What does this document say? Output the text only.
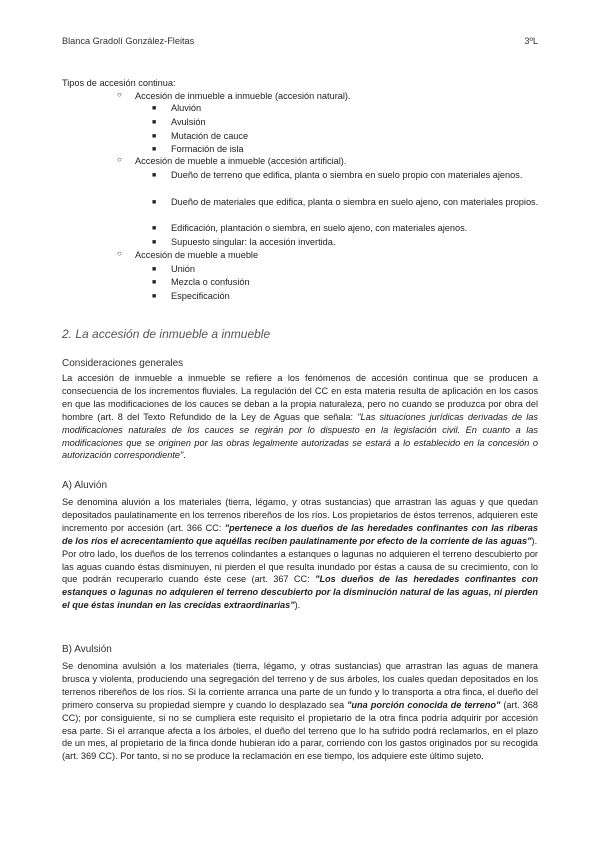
Blanca Gradolí González-Fleitas	3ºL
Tipos de accesión continua:
○ Accesión de inmueble a inmueble (accesión natural).
■ Aluvión
■ Avulsión
■ Mutación de cauce
■ Formación de isla
○ Accesión de mueble a inmueble (accesión artificial).
■ Dueño de terreno que edifica, planta o siembra en suelo propio con materiales ajenos.
■ Dueño de materiales que edifica, planta o siembra en suelo ajeno, con materiales propios.
■ Edificación, plantación o siembra, en suelo ajeno, con materiales ajenos.
■ Supuesto singular: la accesión invertida.
○ Accesión de mueble a mueble
■ Unión
■ Mezcla o confusión
■ Especificación
2. La accesión de inmueble a inmueble
Consideraciones generales

La accesión de inmueble a inmueble se refiere a los fenómenos de accesión continua que se producen a consecuencia de los incrementos fluviales. La regulación del CC en esta materia resulta de aplicación en los casos en que las modificaciones de los cauces se deban a la propia naturaleza, pero no cuando se produzca por obra del hombre (art. 8 del Texto Refundido de la Ley de Aguas que señala: "Las situaciones jurídicas derivadas de las modificaciones naturales de los cauces se regirán por lo dispuesto en la legislación civil. En cuanto a las modificaciones que se originen por las obras legalmente autorizadas se estará a lo establecido en la concesión o autorización correspondiente".

A) Aluvión

Se denomina aluvión a los materiales (tierra, légamo, y otras sustancias) que arrastran las aguas y que quedan depositados paulatinamente en los terrenos ribereños de los ríos. Los propietarios de éstos terrenos, adquieren este incremento por accesión (art. 366 CC: "pertenece a los dueños de las heredades confinantes con las riberas de los ríos el acrecentamiento que aquéllas reciben paulatinamente por efecto de la corriente de las aguas").

Por otro lado, los dueños de los terrenos colindantes a estanques o lagunas no adquieren el terreno descubierto por las aguas cuando éstas disminuyen, ni pierden el que resulta inundado por éstas a causa de su crecimiento, con lo que podrán recuperarlo cuando éste cese (art. 367 CC: "Los dueños de las heredades confinantes con estanques o lagunas no adquieren el terreno descubierto por la disminución natural de las aguas, ni pierden el que éstas inundan en las crecidas extraordinarias").

B) Avulsión

Se denomina avulsión a los materiales (tierra, légamo, y otras sustancias) que arrastran las aguas de manera brusca y violenta, produciendo una segregación del terreno y de sus árboles, los cuales quedan depositados en los terrenos ribereños de los ríos. Si la corriente arranca una parte de un fundo y lo transporta a otra finca, el dueño del primero conserva su propiedad siempre y cuando lo desplazado sea "una porción conocida de terreno" (art. 368 CC); por consiguiente, si no se cumpliera este requisito el propietario de la otra finca podría adquirir por accesión esa parte. Si el arranque afecta a los árboles, el dueño del terreno que lo ha sufrido podrá reclamarlos, en el plazo de un mes, al propietario de la finca donde hubieran ido a parar, corriendo con los gastos originados por su recogida (art. 369 CC). Por tanto, si no se produce la reclamación en ese tiempo, los adquiere este último sujeto.
